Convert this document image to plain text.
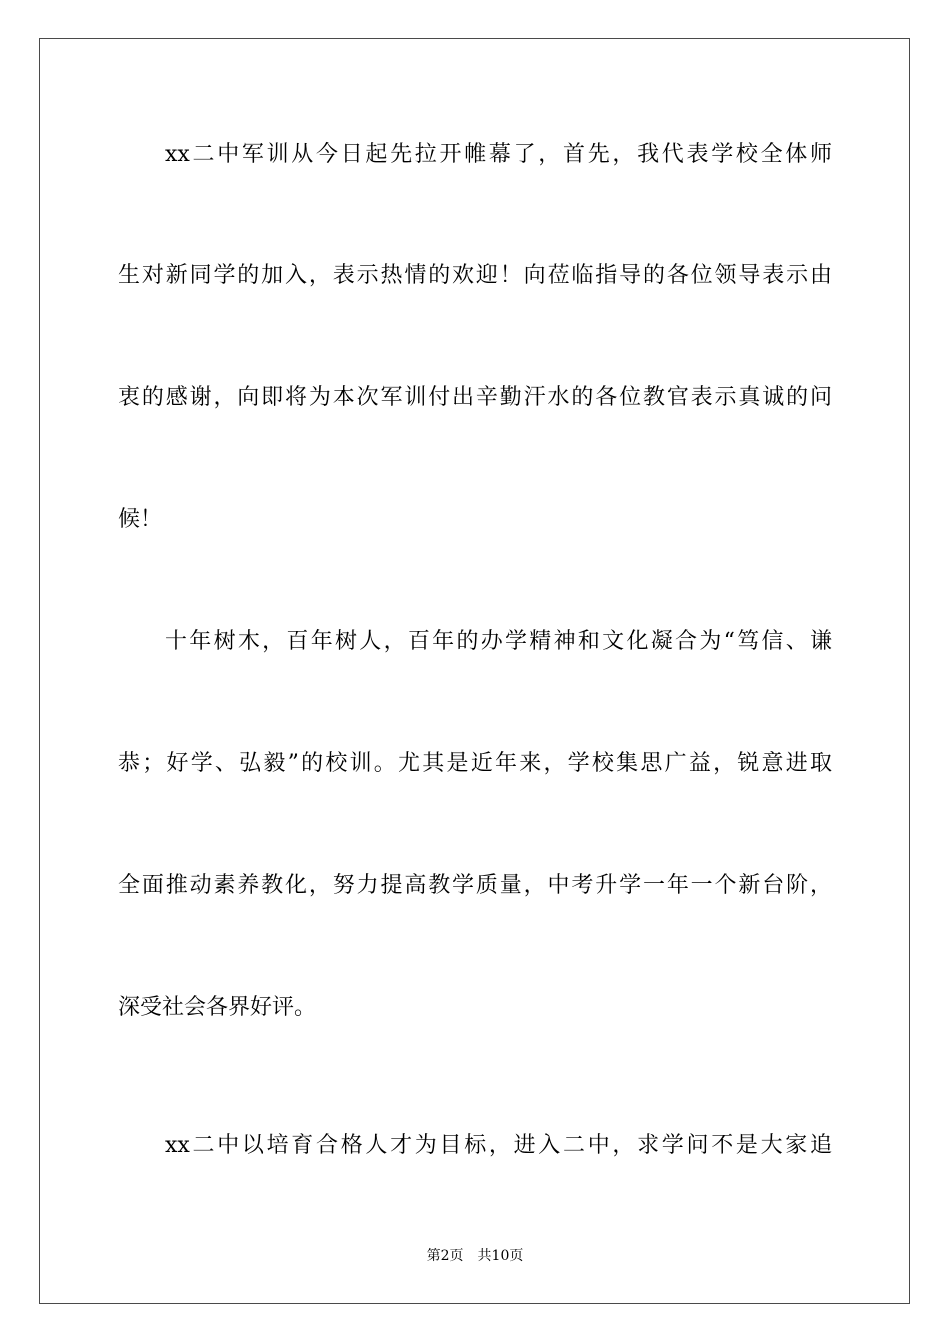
xx二中军训从今日起先拉开帷幕了，首先，我代表学校全体师
生对新同学的加入，表示热情的欢迎！向莅临指导的各位领导表示由
衷的感谢，向即将为本次军训付出辛勤汗水的各位教官表示真诚的问
候！
十年树木，百年树人，百年的办学精神和文化凝合为“笃信、谦
恭；好学、弘毅”的校训。尤其是近年来，学校集思广益，锐意进取
全面推动素养教化，努力提高教学质量，中考升学一年一个新台阶，
深受社会各界好评。
xx二中以培育合格人才为目标，进入二中，求学问不是大家追
第2页　共10页
